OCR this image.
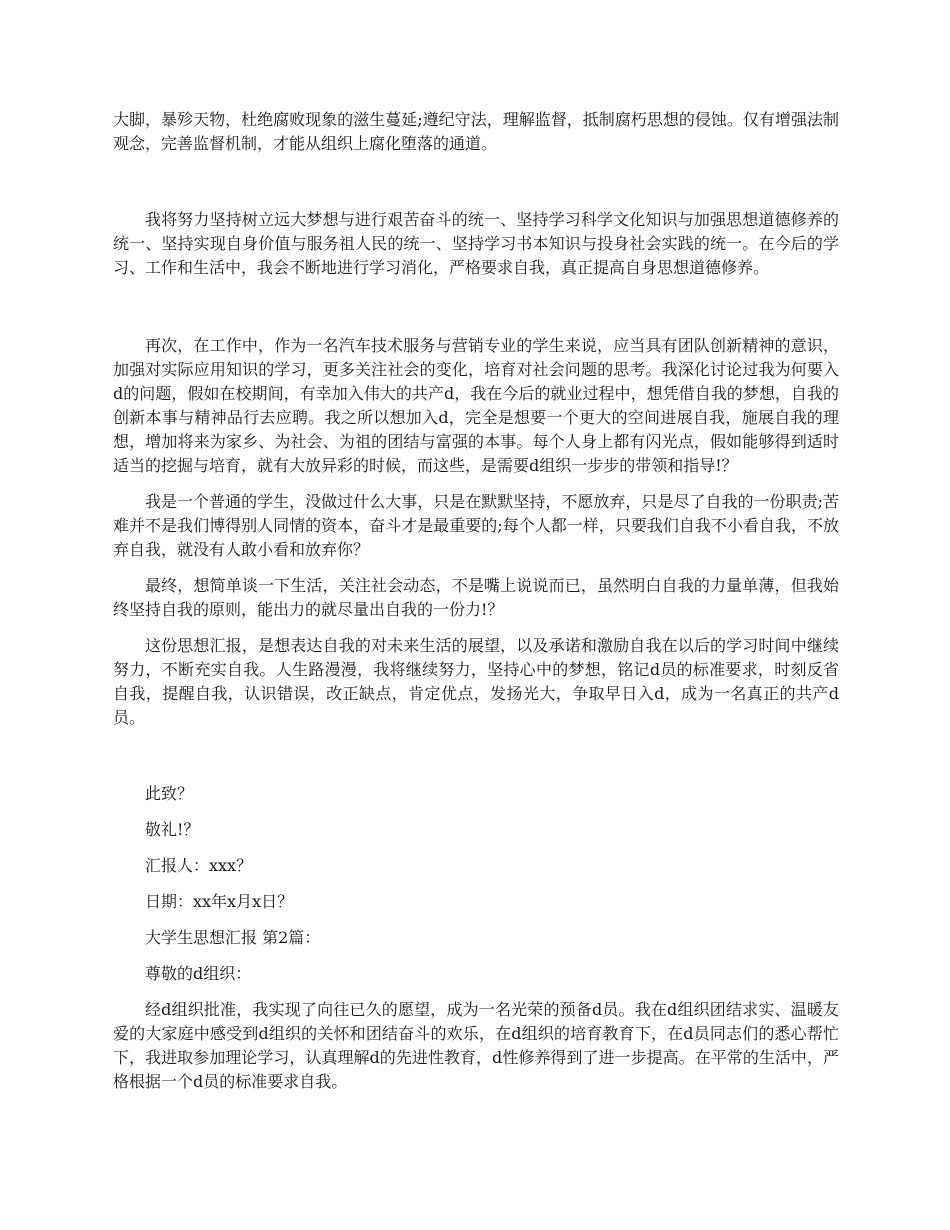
大脚，暴殄天物，杜绝腐败现象的滋生蔓延;遵纪守法，理解监督，抵制腐朽思想的侵蚀。仅有增强法制观念，完善监督机制，才能从组织上腐化堕落的通道。

我将努力坚持树立远大梦想与进行艰苦奋斗的统一、坚持学习科学文化知识与加强思想道德修养的统一、坚持实现自身价值与服务祖人民的统一、坚持学习书本知识与投身社会实践的统一。在今后的学习、工作和生活中，我会不断地进行学习消化，严格要求自我，真正提高自身思想道德修养。

再次，在工作中，作为一名汽车技术服务与营销专业的学生来说，应当具有团队创新精神的意识，加强对实际应用知识的学习，更多关注社会的变化，培育对社会问题的思考。我深化讨论过我为何要入d的问题，假如在校期间，有幸加入伟大的共产d，我在今后的就业过程中，想凭借自我的梦想，自我的创新本事与精神品行去应聘。我之所以想加入d，完全是想要一个更大的空间进展自我，施展自我的理想，增加将来为家乡、为社会、为祖的团结与富强的本事。每个人身上都有闪光点，假如能够得到适时适当的挖掘与培育，就有大放异彩的时候，而这些，是需要d组织一步步的带领和指导!？

我是一个普通的学生，没做过什么大事，只是在默默坚持，不愿放弃，只是尽了自我的一份职责;苦难并不是我们博得别人同情的资本，奋斗才是最重要的;每个人都一样，只要我们自我不小看自我，不放弃自我，就没有人敢小看和放弃你？

最终，想简单谈一下生活，关注社会动态，不是嘴上说说而已，虽然明白自我的力量单薄，但我始终坚持自我的原则，能出力的就尽量出自我的一份力!？

这份思想汇报，是想表达自我的对未来生活的展望，以及承诺和激励自我在以后的学习时间中继续努力，不断充实自我。人生路漫漫，我将继续努力，坚持心中的梦想，铭记d员的标准要求，时刻反省自我，提醒自我，认识错误，改正缺点，肯定优点，发扬光大，争取早日入d，成为一名真正的共产d员。

此致？

敬礼!？

汇报人：xxx？

日期：xx年x月x日？

大学生思想汇报 第2篇：

尊敬的d组织：

经d组织批准，我实现了向往已久的愿望，成为一名光荣的预备d员。我在d组织团结求实、温暖友爱的大家庭中感受到d组织的关怀和团结奋斗的欢乐，在d组织的培育教育下，在d员同志们的悉心帮忙下，我进取参加理论学习，认真理解d的先进性教育，d性修养得到了进一步提高。在平常的生活中，严格根据一个d员的标准要求自我。
